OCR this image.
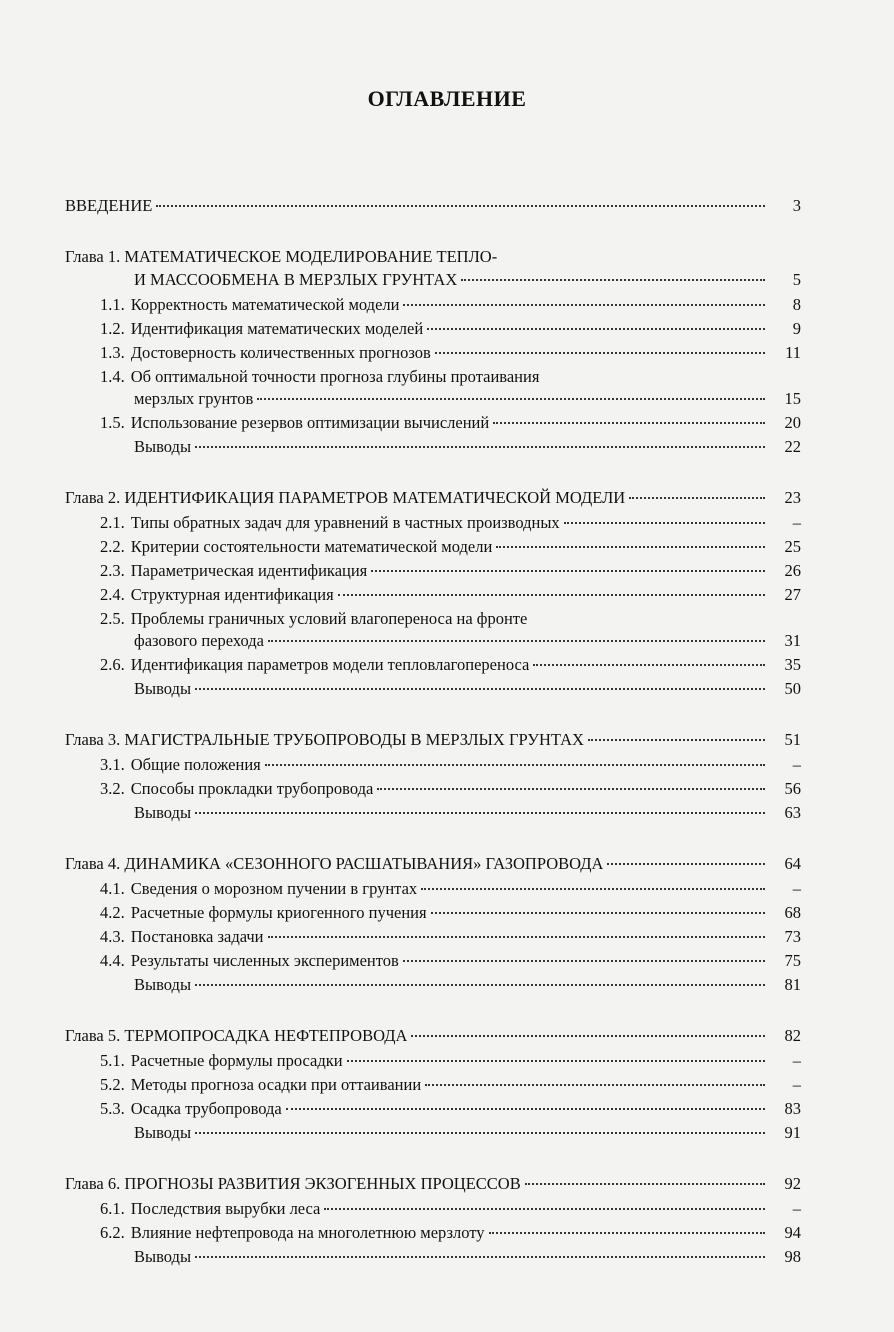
ОГЛАВЛЕНИЕ
ВВЕДЕНИЕ	3
Глава 1. МАТЕМАТИЧЕСКОЕ МОДЕЛИРОВАНИЕ ТЕПЛО-
И МАССООБМЕНА В МЕРЗЛЫХ ГРУНТАХ	5
1.1. Корректность математической модели	8
1.2. Идентификация математических моделей	9
1.3. Достоверность количественных прогнозов	11
1.4. Об оптимальной точности прогноза глубины протаивания
мерзлых грунтов	15
1.5. Использование резервов оптимизации вычислений	20
Выводы	22
Глава 2. ИДЕНТИФИКАЦИЯ ПАРАМЕТРОВ МАТЕМАТИЧЕСКОЙ МОДЕЛИ	23
2.1. Типы обратных задач для уравнений в частных производных	–
2.2. Критерии состоятельности математической модели	25
2.3. Параметрическая идентификация	26
2.4. Структурная идентификация	27
2.5. Проблемы граничных условий влагопереноса на фронте
фазового перехода	31
2.6. Идентификация параметров модели тепловлагопереноса	35
Выводы	50
Глава 3. МАГИСТРАЛЬНЫЕ ТРУБОПРОВОДЫ В МЕРЗЛЫХ ГРУНТАХ	51
3.1. Общие положения	–
3.2. Способы прокладки трубопровода	56
Выводы	63
Глава 4. ДИНАМИКА «СЕЗОННОГО РАСШАТЫВАНИЯ» ГАЗОПРОВОДА	64
4.1. Сведения о морозном пучении в грунтах	–
4.2. Расчетные формулы криогенного пучения	68
4.3. Постановка задачи	73
4.4. Результаты численных экспериментов	75
Выводы	81
Глава 5. ТЕРМОПРОСАДКА НЕФТЕПРОВОДА	82
5.1. Расчетные формулы просадки	–
5.2. Методы прогноза осадки при оттаивании	–
5.3. Осадка трубопровода	83
Выводы	91
Глава 6. ПРОГНОЗЫ РАЗВИТИЯ ЭКЗОГЕННЫХ ПРОЦЕССОВ	92
6.1. Последствия вырубки леса	–
6.2. Влияние нефтепровода на многолетнюю мерзлоту	94
Выводы	98
